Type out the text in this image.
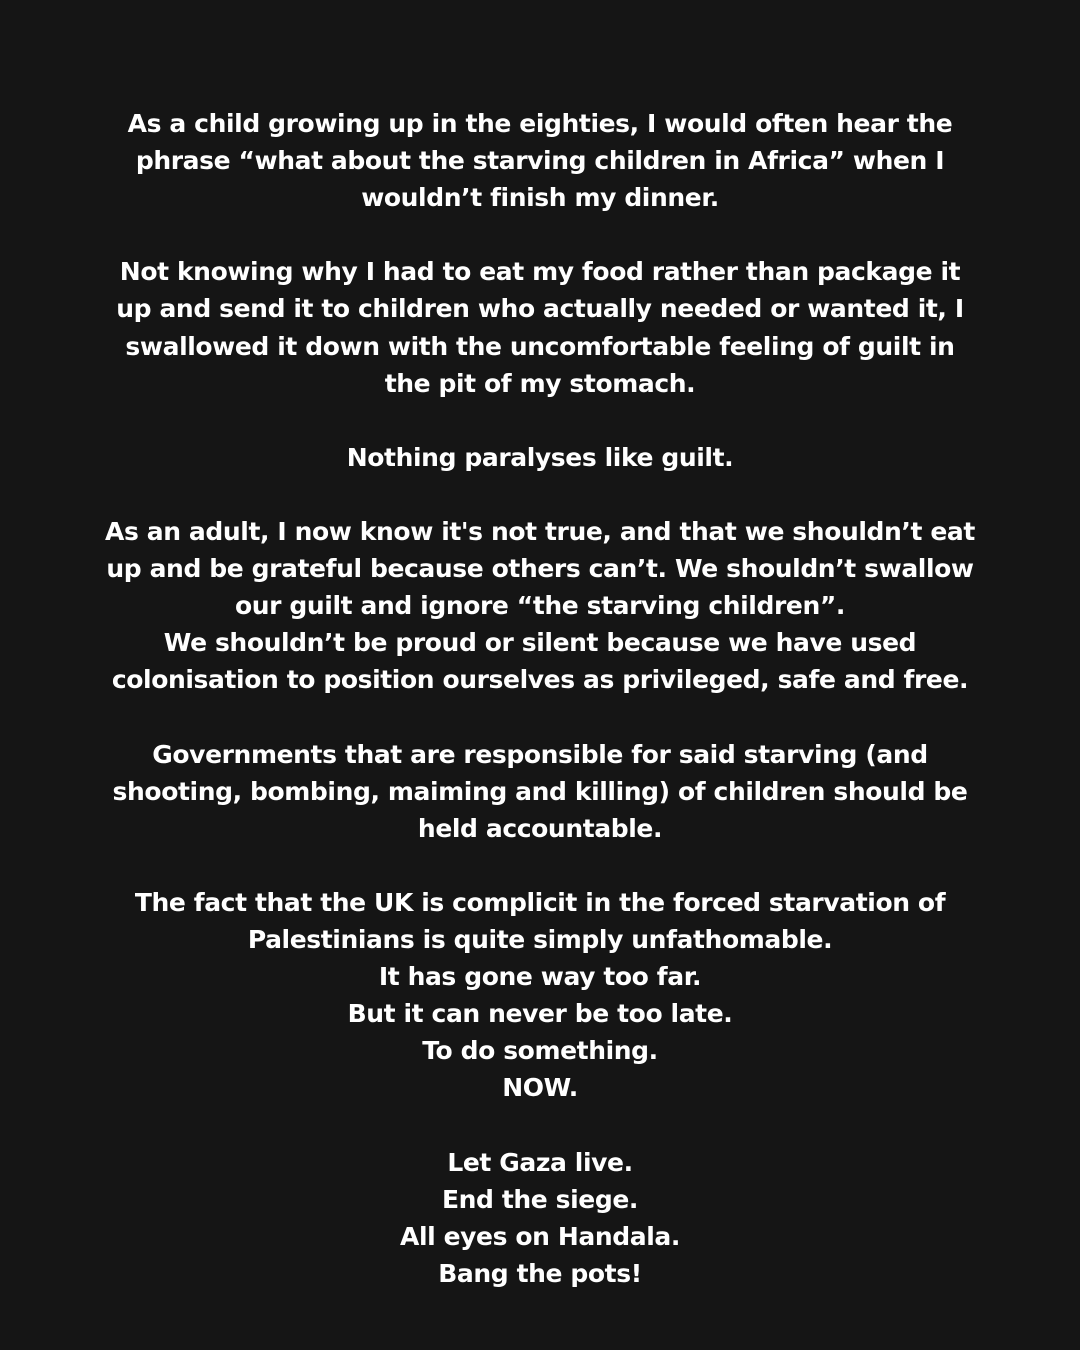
As a child growing up in the eighties, I would often hear the
phrase “what about the starving children in Africa” when I
wouldn’t finish my dinner.

Not knowing why I had to eat my food rather than package it
up and send it to children who actually needed or wanted it, I
swallowed it down with the uncomfortable feeling of guilt in
the pit of my stomach.

Nothing paralyses like guilt.

As an adult, I now know it's not true, and that we shouldn’t eat
up and be grateful because others can’t. We shouldn’t swallow
our guilt and ignore “the starving children”.
We shouldn’t be proud or silent because we have used
colonisation to position ourselves as privileged, safe and free.

Governments that are responsible for said starving (and
shooting, bombing, maiming and killing) of children should be
held accountable.

The fact that the UK is complicit in the forced starvation of
Palestinians is quite simply unfathomable.
It has gone way too far.
But it can never be too late.
To do something.
NOW.

Let Gaza live.
End the siege.
All eyes on Handala.
Bang the pots!
